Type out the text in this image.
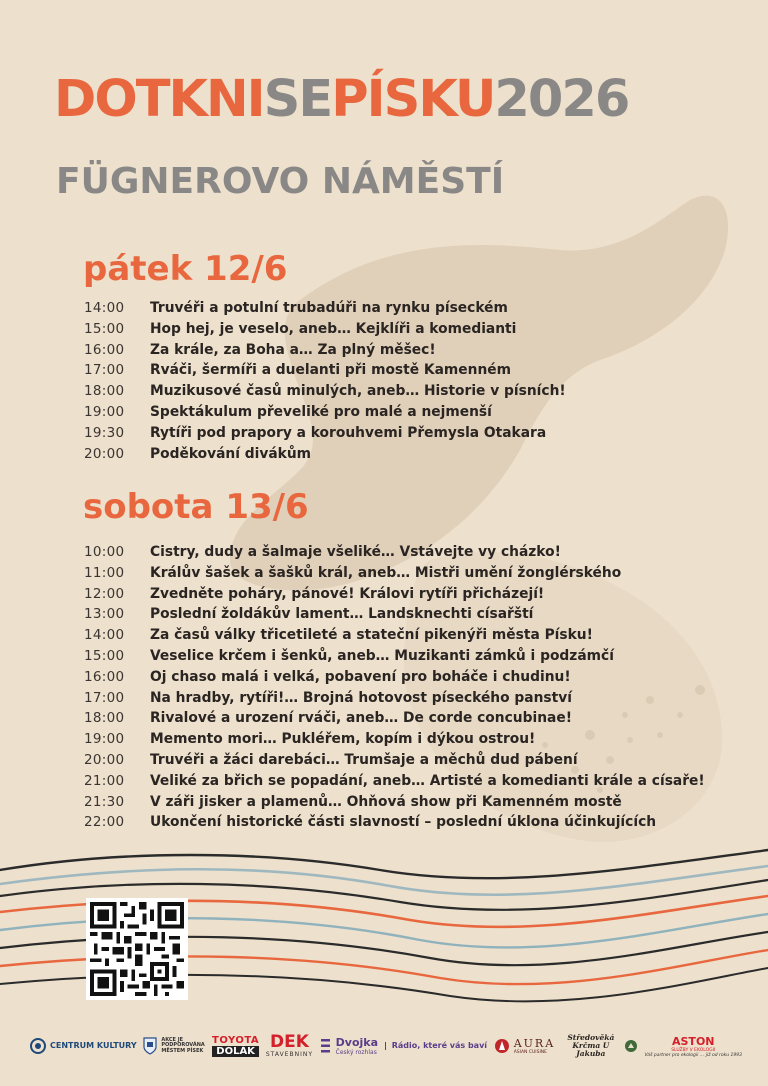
DOTKNISEPÍSKU2026
FÜGNEROVO NÁMĚSTÍ
pátek 12/6
14:00	Truvéři a potulní trubadúři na rynku píseckém
15:00	Hop hej, je veselo, aneb… Kejklíři a komedianti
16:00	Za krále, za Boha a… Za plný měšec!
17:00	Rváči, šermíři a duelanti při mostě Kamenném
18:00	Muzikusové časů minulých, aneb… Historie v písních!
19:00	Spektákulum převeliké pro malé a nejmenší
19:30	Rytíři pod prapory a korouhvemi Přemysla Otakara
20:00	Poděkování divákům
sobota 13/6
10:00	Cistry, dudy a šalmaje všeliké… Vstávejte vy cházko!
11:00	Králův šašek a šašků král, aneb… Mistři umění žonglérského
12:00	Zvedněte poháry, pánové! Královi rytíři přicházejí!
13:00	Poslední žoldákův lament… Landsknechti císařští
14:00	Za časů války třicetileté a stateční pikenýři města Písku!
15:00	Veselice krčem i šenků, aneb… Muzikanti zámků i podzámčí
16:00	Oj chaso malá i velká, pobavení pro boháče i chudinu!
17:00	Na hradby, rytíři!… Brojná hotovost píseckého panství
18:00	Rivalové a urození rváči, aneb… De corde concubinae!
19:00	Memento mori… Pukléřem, kopím i dýkou ostrou!
20:00	Truvéři a žáci darebáci… Trumšaje a měchů dud pábení
21:00	Veliké za břich se popadání, aneb… Artisté a komedianti krále a císaře!
21:30	V záři jisker a plamenů… Ohňová show při Kamenném mostě
22:00	Ukončení historické části slavností – poslední úklona účinkujících
CENTRUM KULTURY
AKCE JE PODPOROVÁNA MĚSTEM PÍSEK
TOYOTA
DOLÁK DEK
STAVEBNINY
Dvojka
Český rozhlas
Rádio, které vás baví AURA
ASIAN CUISINE
Středověká Krčma U Jakuba
ASTON
SLUŽBY V EKOLOGII
Váš partner pro ekologii … již od roku 1993
